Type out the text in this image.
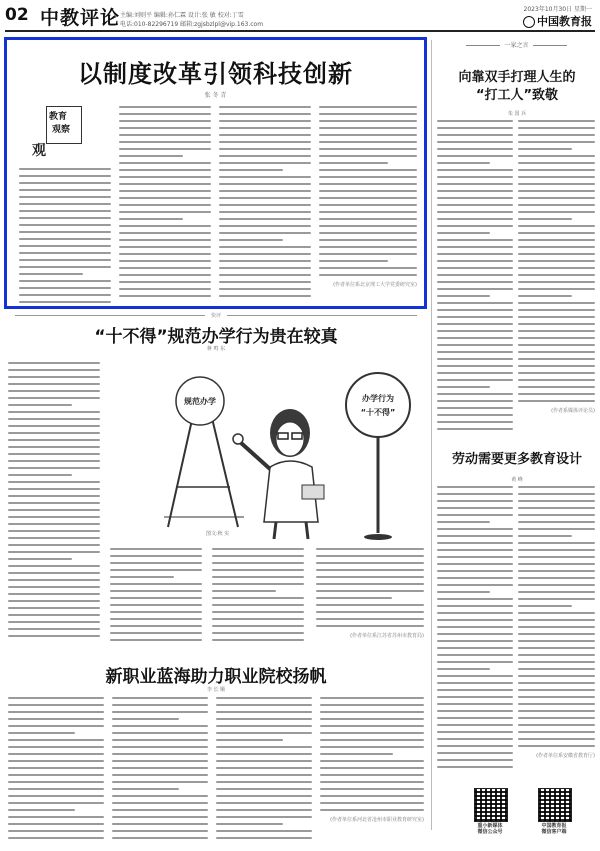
02 中教评论 主编:刘则平 编辑:孙仁霖 设计:张 敏 校对:丁雪
电话:010-82296719 邮箱:zgjsbzlpl@vip.163.com
2023年10月30日 星期一
中国教育报
以制度改革引领科技创新
张 冬 青
教育
观察
观
(作者单位系北京理工大学党委研究室)
一家之言
向靠双手打理人生的
“打工人”致敬
朱 国 兵
(作者系媒体评论员)
劳动需要更多教育设计
黄 峰
(作者单位系安徽省教育厅)
重小新媒体
微信公众号
中国教育报
微信客户端
快评
“十不得”规范办学行为贵在较真
蒋 鸣 东
(作者单位系江苏省苏州市教育局)
规范办学	办学行为
“十不得”
图文:秋 实
新职业蓝海助力职业院校扬帆
李 长 顺
(作者单位系河北省沧州市职业教育研究室)
